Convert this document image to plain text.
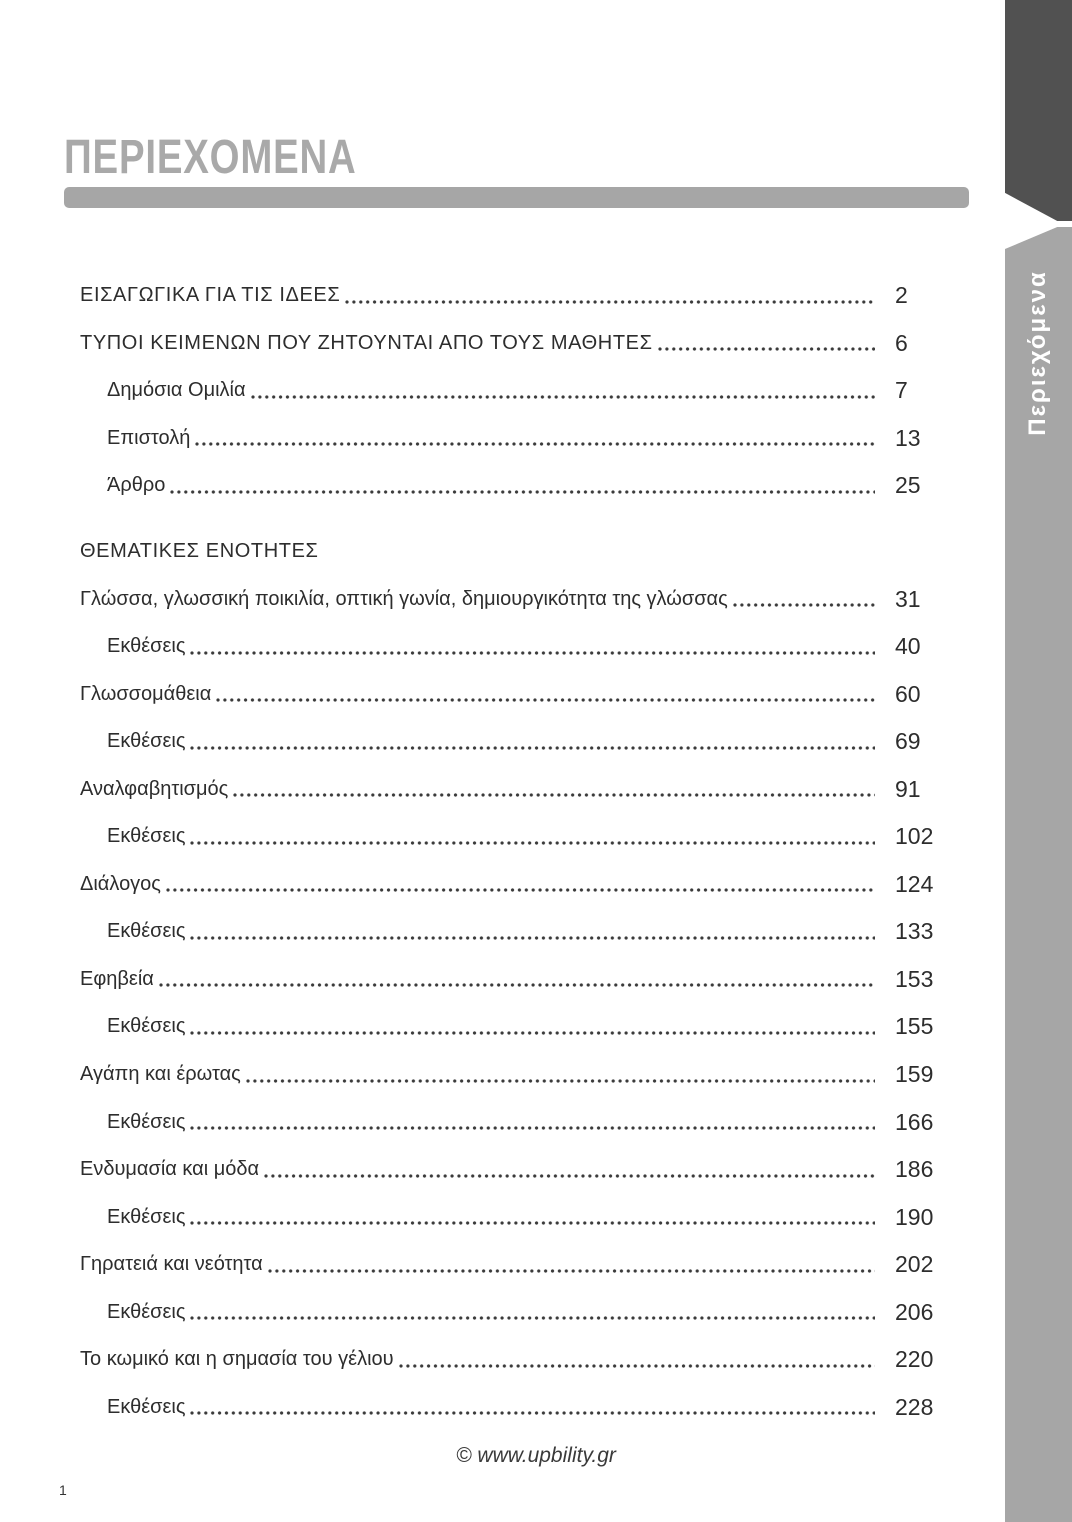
Περιεχόμενα
ΠΕΡΙΕΧΟΜΕΝΑ
ΕΙΣΑΓΩΓΙΚΑ ΓΙΑ ΤΙΣ ΙΔΕΕΣ	2
ΤΥΠΟΙ ΚΕΙΜΕΝΩΝ ΠΟΥ ΖΗΤΟΥΝΤΑΙ ΑΠΟ ΤΟΥΣ ΜΑΘΗΤΕΣ	6
Δημόσια Ομιλία	7
Επιστολή	13
Άρθρο	25
ΘΕΜΑΤΙΚΕΣ ΕΝΟΤΗΤΕΣ
Γλώσσα, γλωσσική ποικιλία, οπτική γωνία, δημιουργικότητα της γλώσσας	31
Εκθέσεις	40
Γλωσσομάθεια	60
Εκθέσεις	69
Αναλφαβητισμός	91
Εκθέσεις	102
Διάλογος	124
Εκθέσεις	133
Εφηβεία	153
Εκθέσεις	155
Αγάπη και έρωτας	159
Εκθέσεις	166
Ενδυμασία και μόδα	186
Εκθέσεις	190
Γηρατειά και νεότητα	202
Εκθέσεις	206
Το κωμικό και η σημασία του γέλιου	220
Εκθέσεις	228
© www.upbility.gr
1
